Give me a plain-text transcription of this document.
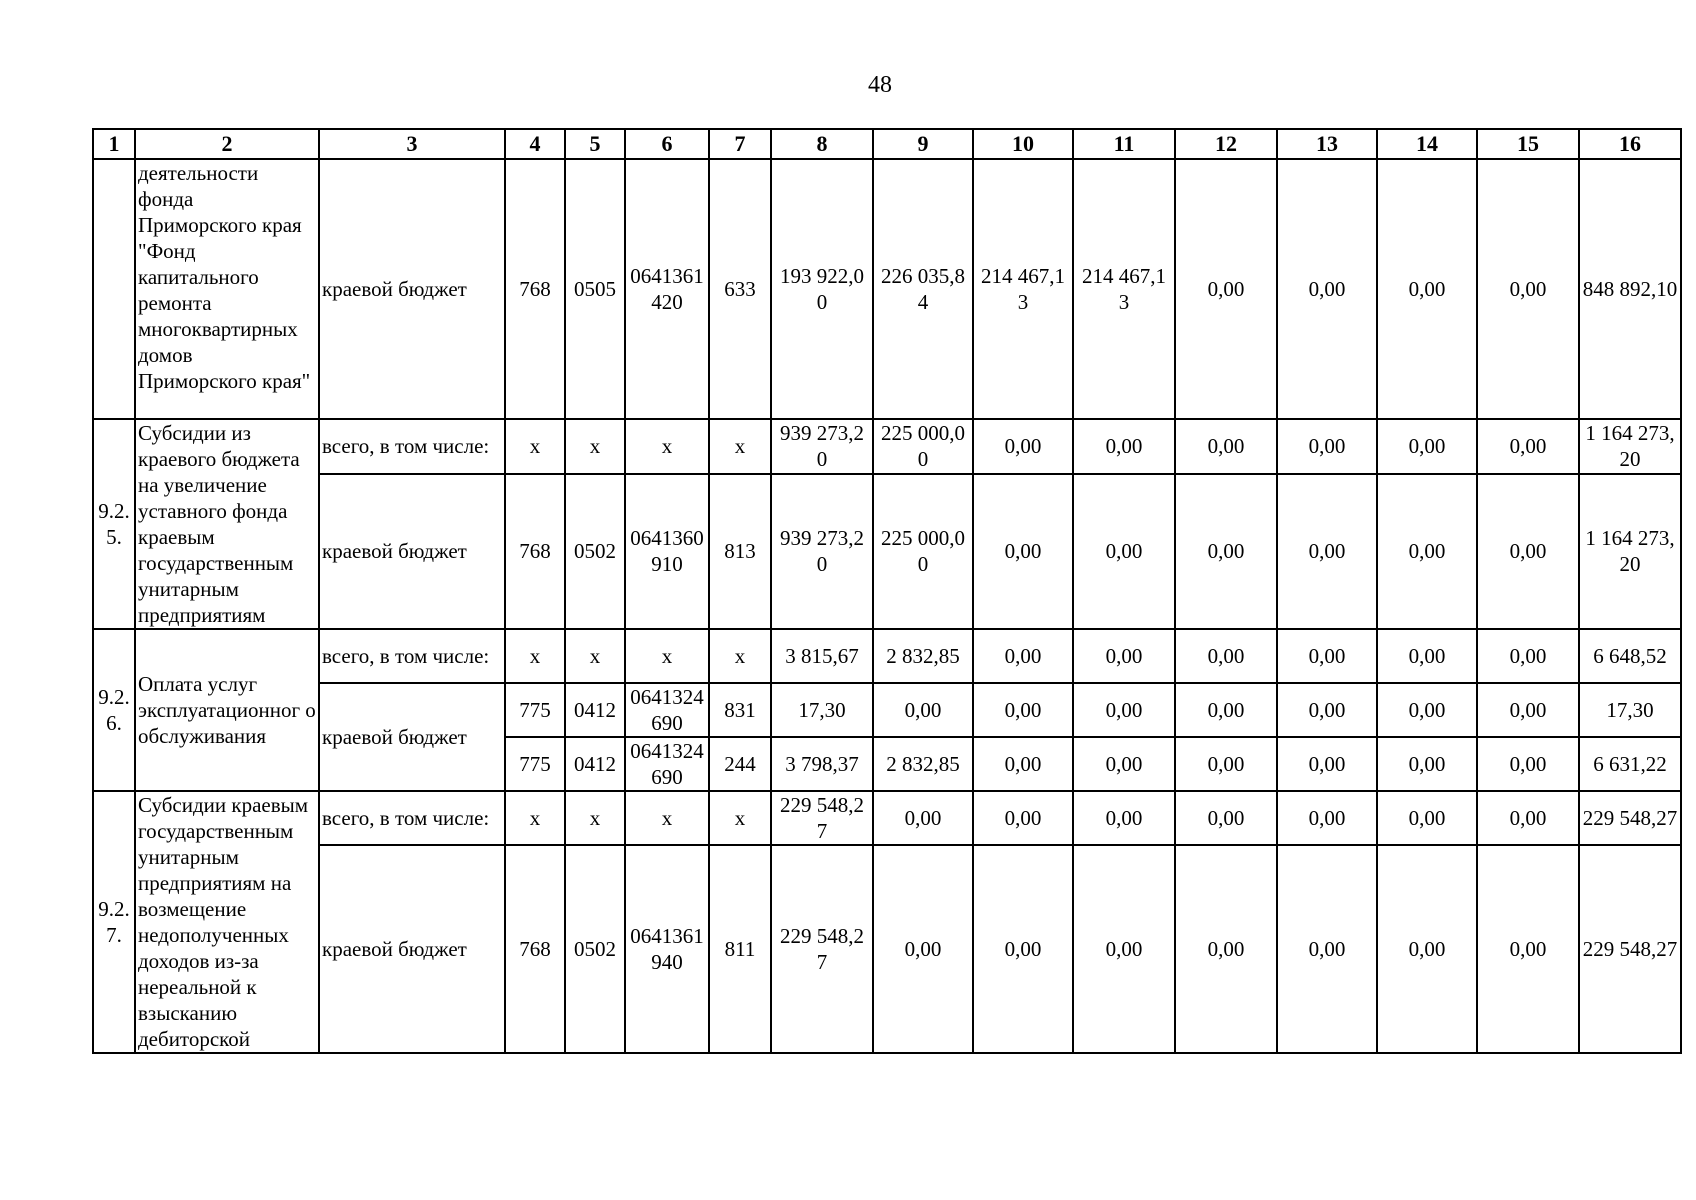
48
1	2	3	4	5	6	7	8	9	10	11	12	13	14	15	16
	деятельности фонда Приморского края "Фонд капитального ремонта многоквартирных домов Приморского края"	краевой бюджет	768	0505	0641361 420	633	193 922,0 0	226 035,8 4	214 467,1 3	214 467,1 3	0,00	0,00	0,00	0,00	848 892,10
9.2. 5.	Субсидии из краевого бюджета на увеличение уставного фонда краевым государственным унитарным предприятиям	всего, в том числе:	x	x	x	x	939 273,2 0	225 000,0 0	0,00	0,00	0,00	0,00	0,00	0,00	1 164 273, 20
		краевой бюджет	768	0502	0641360 910	813	939 273,2 0	225 000,0 0	0,00	0,00	0,00	0,00	0,00	0,00	1 164 273, 20
9.2. 6.	Оплата услуг эксплуатационног о обслуживания	всего, в том числе:	x	x	x	x	3 815,67	2 832,85	0,00	0,00	0,00	0,00	0,00	0,00	6 648,52
		краевой бюджет	775	0412	0641324 690	831	17,30	0,00	0,00	0,00	0,00	0,00	0,00	0,00	17,30
			775	0412	0641324 690	244	3 798,37	2 832,85	0,00	0,00	0,00	0,00	0,00	0,00	6 631,22
9.2. 7.	Субсидии краевым государственным унитарным предприятиям на возмещение недополученных доходов из-за нереальной к взысканию дебиторской	всего, в том числе:	x	x	x	x	229 548,2 7	0,00	0,00	0,00	0,00	0,00	0,00	0,00	229 548,27
		краевой бюджет	768	0502	0641361 940	811	229 548,2 7	0,00	0,00	0,00	0,00	0,00	0,00	0,00	229 548,27
